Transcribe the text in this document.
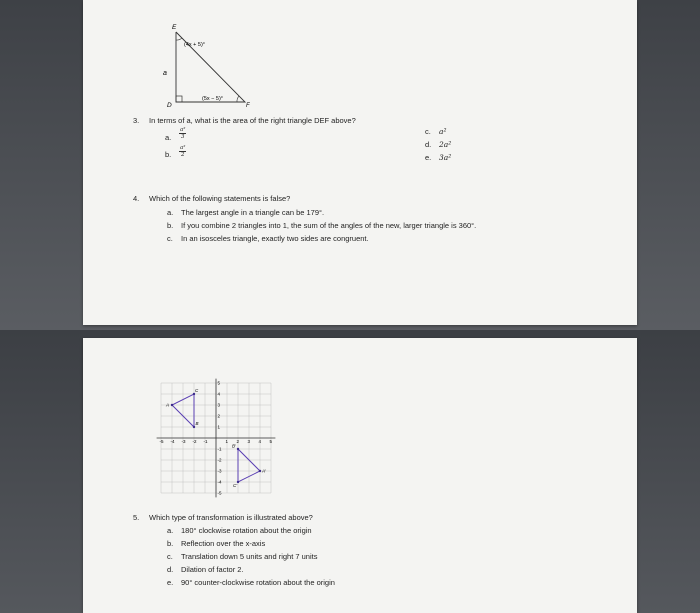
E
D	F
a
(4x + 5)°
(5x − 5)°
3. In terms of a, what is the area of the right triangle DEF above?
a. $\frac{\text{a²}}{3}$
b. $\frac{\text{a²}}{2}$
c. a²
d. 2a²
e. 3a²
4. Which of the following statements is false?
a. The largest angle in a triangle can be 179°.
b. If you combine 2 triangles into 1, the sum of the angles of the new, larger triangle is 360°.
c. In an isosceles triangle, exactly two sides are congruent.
-5 -4 -3 -2 -1	1 2 3 4 5
5
4
3
2
1
-1
-2
-3
-4
-5
A
B
C
A'
B'
C'
5. Which type of transformation is illustrated above?
a. 180° clockwise rotation about the origin
b. Reflection over the x-axis
c. Translation down 5 units and right 7 units
d. Dilation of factor 2.
e. 90° counter-clockwise rotation about the origin
